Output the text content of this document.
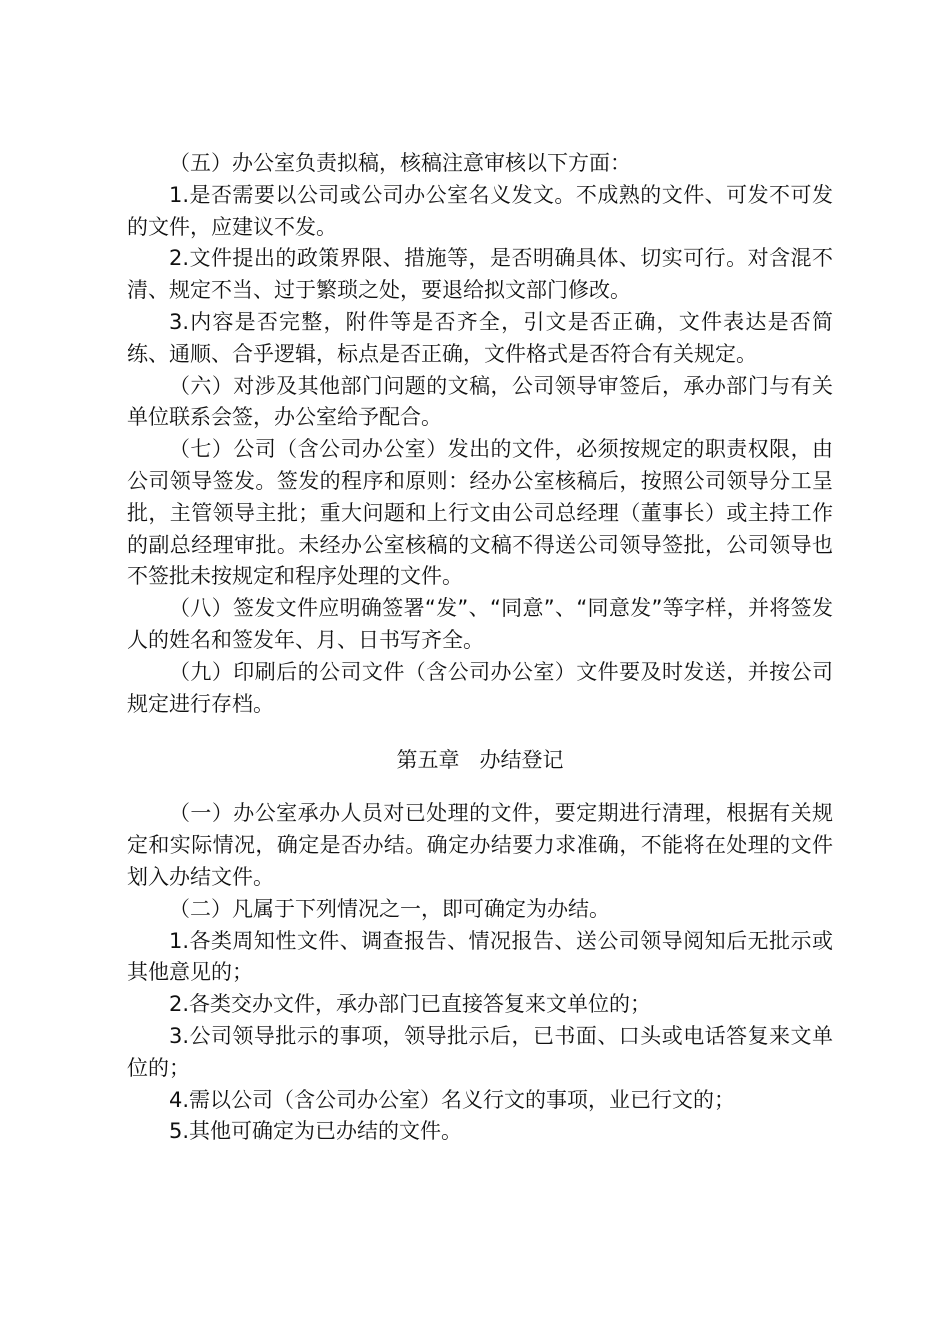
（五）办公室负责拟稿，核稿注意审核以下方面：

1.是否需要以公司或公司办公室名义发文。不成熟的文件、可发不可发的文件，应建议不发。

2.文件提出的政策界限、措施等，是否明确具体、切实可行。对含混不清、规定不当、过于繁琐之处，要退给拟文部门修改。

3.内容是否完整，附件等是否齐全，引文是否正确，文件表达是否简练、通顺、合乎逻辑，标点是否正确，文件格式是否符合有关规定。

（六）对涉及其他部门问题的文稿，公司领导审签后，承办部门与有关单位联系会签，办公室给予配合。

（七）公司（含公司办公室）发出的文件，必须按规定的职责权限，由公司领导签发。签发的程序和原则：经办公室核稿后，按照公司领导分工呈批，主管领导主批；重大问题和上行文由公司总经理（董事长）或主持工作的副总经理审批。未经办公室核稿的文稿不得送公司领导签批，公司领导也不签批未按规定和程序处理的文件。

（八）签发文件应明确签署“发”、“同意”、“同意发”等字样，并将签发人的姓名和签发年、月、日书写齐全。

（九）印刷后的公司文件（含公司办公室）文件要及时发送，并按公司规定进行存档。

第五章   办结登记

（一）办公室承办人员对已处理的文件，要定期进行清理，根据有关规定和实际情况，确定是否办结。确定办结要力求准确，不能将在处理的文件划入办结文件。

（二）凡属于下列情况之一，即可确定为办结。

1.各类周知性文件、调查报告、情况报告、送公司领导阅知后无批示或其他意见的；

2.各类交办文件，承办部门已直接答复来文单位的；

3.公司领导批示的事项，领导批示后，已书面、口头或电话答复来文单位的；

4.需以公司（含公司办公室）名义行文的事项，业已行文的；

5.其他可确定为已办结的文件。
